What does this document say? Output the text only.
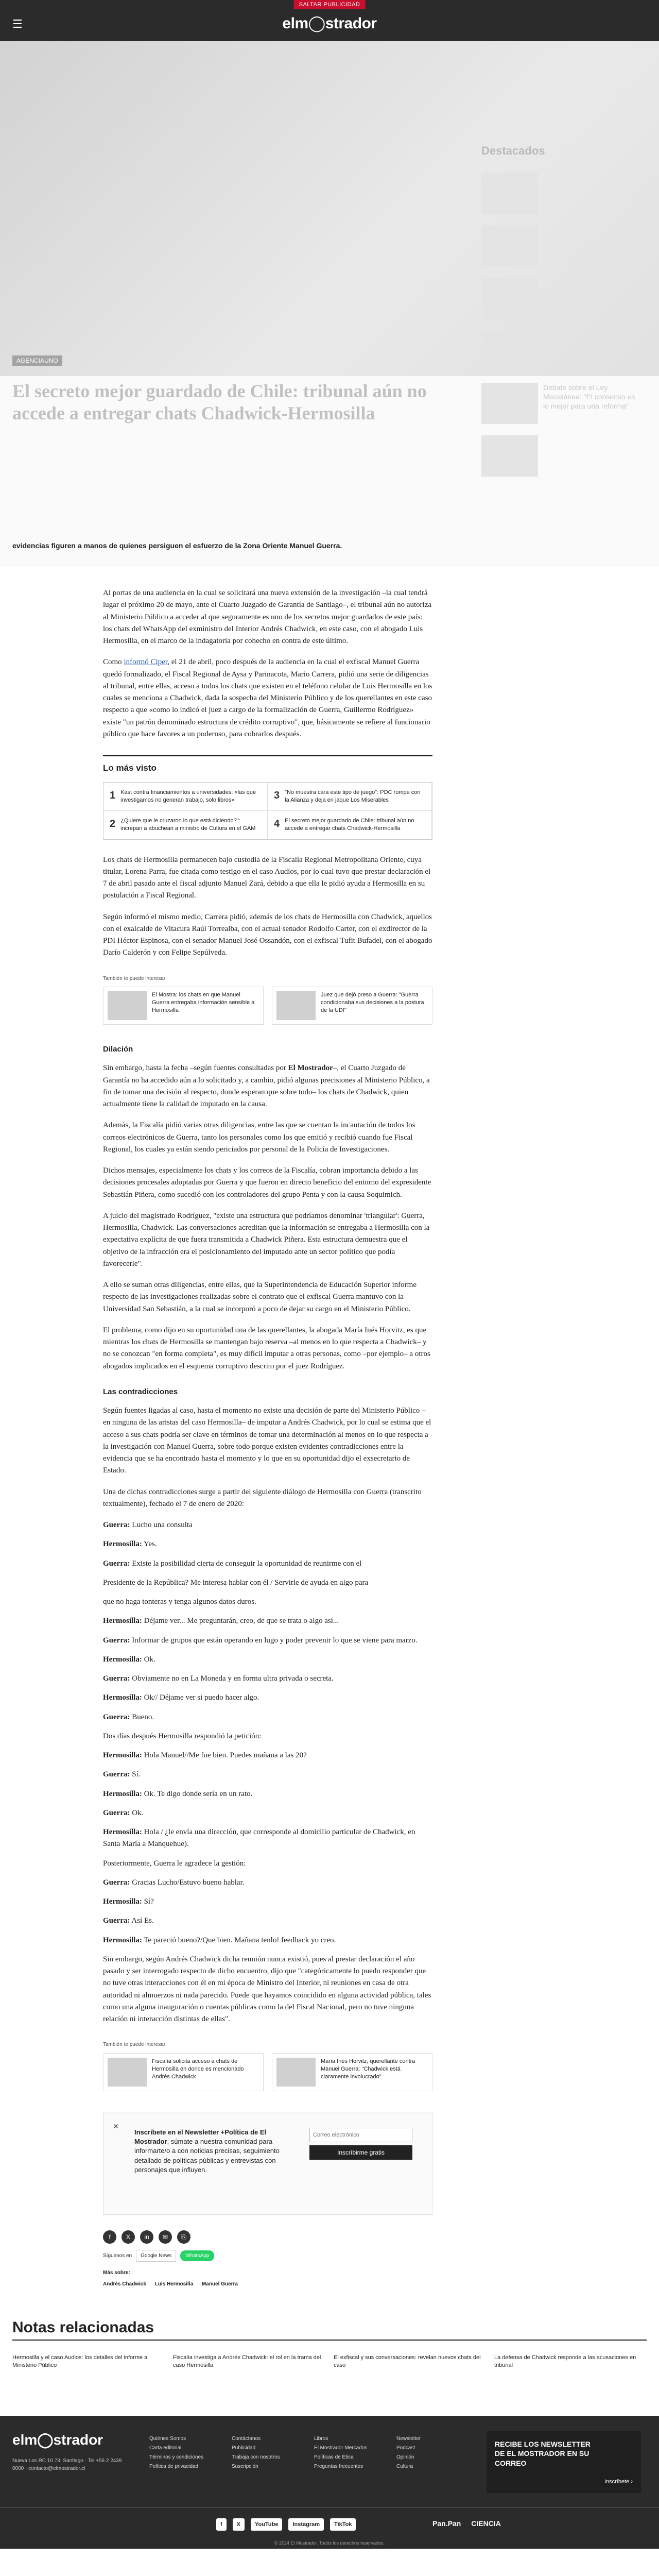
SALTAR PUBLICIDAD
☰	elm◯strador
evidencias figuren a manos de quienes persiguen el esfuerzo de la Zona Oriente Manuel Guerra.

Al portas de una audiencia en la cual se solicitará una nueva extensión de la investigación –la cual tendrá lugar el próximo 20 de mayo, ante el Cuarto Juzgado de Garantía de Santiago–, el tribunal aún no autoriza al Ministerio Público a acceder al que seguramente es uno de los secretos mejor guardados de este país: los chats del WhatsApp del exministro del Interior Andrés Chadwick, en este caso, con el abogado Luis Hermosilla, en el marco de la indagatoria por cohecho en contra de este último.

Como informó Ciper, el 21 de abril, poco después de la audiencia en la cual el exfiscal Manuel Guerra quedó formalizado, el Fiscal Regional de Aysa y Parinacota, Mario Carrera, pidió una serie de diligencias al tribunal, entre ellas, acceso a todos los chats que existen en el teléfono celular de Luis Hermosilla en los cuales se menciona a Chadwick, dada la sospecha del Ministerio Público y de los querellantes en este caso respecto a que «como lo indicó el juez a cargo de la formalización de Guerra, Guillermo Rodríguez» existe "un patrón denominado estructura de crédito corruptivo", que, básicamente se refiere al funcionario público que hace favores a un poderoso, para cobrarlos después.

Lo más visto
1 Kast contra financiamientos a universidades: «las que investigamos no generan trabajo, solo libros»	3 "No muestra cara este tipo de juego": PDC rompe con la Alianza y deja en jaque Los Miserables
2 ¿Quiere que le cruzaron lo que está diciendo?": increpan a abuchean a ministro de Cultura en el GAM	4 El secreto mejor guardado de Chile: tribunal aún no accede a entregar chats Chadwick-Hermosilla

Los chats de Hermosilla permanecen bajo custodia de la Fiscalía Regional Metropolitana Oriente, cuya titular, Lorena Parra, fue citada como testigo en el caso Audios, por lo cual tuvo que prestar declaración el 7 de abril pasado ante el fiscal adjunto Manuel Zará, debido a que ella le pidió ayuda a Hermosilla en su postulación a Fiscal Regional.

Según informó el mismo medio, Carrera pidió, además de los chats de Hermosilla con Chadwick, aquellos con el exalcalde de Vitacura Raúl Torrealba, con el actual senador Rodolfo Carter, con el exdirector de la PDI Héctor Espinosa, con el senador Manuel José Ossandón, con el exfiscal Tufit Bufadel, con el abogado Darío Calderón y con Felipe Sepúlveda.

También te puede interesar:
El Mostra: los chats en que Manuel Guerra entregaba información sensible a Hermosilla
Juez que dejó preso a Guerra: "Guerra condicionaba sus decisiones a la postura de la UDI"
Dilación

Sin embargo, hasta la fecha –según fuentes consultadas por El Mostrador–, el Cuarto Juzgado de Garantía no ha accedido aún a lo solicitado y, a cambio, pidió algunas precisiones al Ministerio Público, a fin de tomar una decisión al respecto, donde esperan que sobre todo– los chats de Chadwick, quien actualmente tiene la calidad de imputado en la causa.

Además, la Fiscalía pidió varias otras diligencias, entre las que se cuentan la incautación de todos los correos electrónicos de Guerra, tanto los personales como los que emitió y recibió cuando fue Fiscal Regional, los cuales ya están siendo periciados por personal de la Policía de Investigaciones.

Dichos mensajes, especialmente los chats y los correos de la Fiscalía, cobran importancia debido a las decisiones procesales adoptadas por Guerra y que fueron en directo beneficio del entorno del expresidente Sebastián Piñera, como sucedió con los controladores del grupo Penta y con la causa Soquimich.

A juicio del magistrado Rodríguez, "existe una estructura que podríamos denominar 'triangular': Guerra, Hermosilla, Chadwick. Las conversaciones acreditan que la información se entregaba a Hermosilla con la expectativa explícita de que fuera transmitida a Chadwick Piñera. Esta estructura demuestra que el objetivo de la infracción era el posicionamiento del imputado ante un sector político que podía favorecerle".

A ello se suman otras diligencias, entre ellas, que la Superintendencia de Educación Superior informe respecto de las investigaciones realizadas sobre el contrato que el exfiscal Guerra mantuvo con la Universidad San Sebastián, a la cual se incorporó a poco de dejar su cargo en el Ministerio Público.

El problema, como dijo en su oportunidad una de las querellantes, la abogada María Inés Horvitz, es que mientras los chats de Hermosilla se mantengan bajo reserva –al menos en lo que respecta a Chadwick– y no se conozcan "en forma completa", es muy difícil imputar a otras personas, como –por ejemplo– a otros abogados implicados en el esquema corruptivo descrito por el juez Rodríguez.

Las contradicciones

Según fuentes ligadas al caso, hasta el momento no existe una decisión de parte del Ministerio Público –en ninguna de las aristas del caso Hermosilla– de imputar a Andrés Chadwick, por lo cual se estima que el acceso a sus chats podría ser clave en términos de tomar una determinación al menos en lo que respecta a la investigación con Manuel Guerra, sobre todo porque existen evidentes contradicciones entre la evidencia que se ha encontrado hasta el momento y lo que en su oportunidad dijo el exsecretario de Estado.

Una de dichas contradicciones surge a partir del siguiente diálogo de Hermosilla con Guerra (transcrito textualmente), fechado el 7 de enero de 2020:

Guerra: Lucho una consulta

Hermosilla: Yes.

Guerra: Existe la posibilidad cierta de conseguir la oportunidad de reunirme con el

Presidente de la República? Me interesa hablar con él / Servirle de ayuda en algo para

que no haga tonteras y tenga algunos datos duros.

Hermosilla: Déjame ver... Me preguntarán, creo, de que se trata o algo así...

Guerra: Informar de grupos que están operando en lugo y poder prevenir lo que se viene para marzo.

Hermosilla: Ok.

Guerra: Obviamente no en La Moneda y en forma ultra privada o secreta.

Hermosilla: Ok// Déjame ver si puedo hacer algo.

Guerra: Bueno.

Dos días después Hermosilla respondió la petición:

Hermosilla: Hola Manuel//Me fue bien. Puedes mañana a las 20?

Guerra: Sí.

Hermosilla: Ok. Te digo donde sería en un rato.

Guerra: Ok.

Hermosilla: Hola / ¿le envía una dirección, que corresponde al domicilio particular de Chadwick, en Santa María a Manquehue).

Posteriormente, Guerra le agradece la gestión:

Guerra: Gracias Lucho/Estuvo bueno hablar.

Hermosilla: Sí?

Guerra: Así Es.

Hermosilla: Te pareció bueno?/Que bien. Mañana tenlo! feedback yo creo.

Sin embargo, según Andrés Chadwick dicha reunión nunca existió, pues al prestar declaración el año pasado y ser interrogado respecto de dicho encuentro, dijo que "categóricamente lo puedo responder que no tuve otras interacciones con él en mi época de Ministro del Interior, ni reuniones en casa de otra autoridad ni almuerzos ni nada parecido. Puede que hayamos coincidido en alguna actividad pública, tales como una alguna inauguración o cuentas públicas como la del Fiscal Nacional, pero no tuve ninguna relación ni interacción distintas de ellas".

También te puede interesar:
Fiscalía solicita acceso a chats de Hermosilla en donde es mencionado Andrés Chadwick
María Inés Horvitz, querellante contra Manuel Guerra: "Chadwick está claramente involucrado"
✕
Inscríbete en el Newsletter +Política de El Mostrador, súmate a nuestra comunidad para informarte/o a con noticias precisas, seguimiento detallado de políticas públicas y entrevistas con personajes que influyen.
Correo electrónico
Inscríbirme gratis
f	X	in	✉	⎘
Síguenos en	Google News	WhatsApp
Más sobre:
Andrés Chadwick Luis Hermosilla Manuel Guerra
Notas relacionadas
Hermosilla y el caso Audios: los detalles del informe a Ministerio Público
Fiscalía investiga a Andrés Chadwick: el rol en la trama del caso Hermosilla
El exfiscal y sus conversaciones: revelan nuevos chats del caso
La defensa de Chadwick responde a las acusaciones en tribunal
elm◯strador
Nueva Los RC 10 73, Santiago · Tel +56 2 2439 0000 · contacto@elmostrador.cl
Quiénes Somos
Carta editorial
Términos y condiciones
Política de privacidad
Contáctanos
Publicidad
Trabaja con nosotros
Suscripción
Libros
El Mostrador Mercados
Políticas de Ética
Preguntas frecuentes
Newsletter
Podcast
Opinión
Cultura
RECIBE LOS NEWSLETTER DE EL MOSTRADOR EN SU CORREO
Inscríbete ›
f	X	YouTube	Instagram	TikTok	Pan.Pan CIENCIA
© 2024 El Mostrador. Todos los derechos reservados.
